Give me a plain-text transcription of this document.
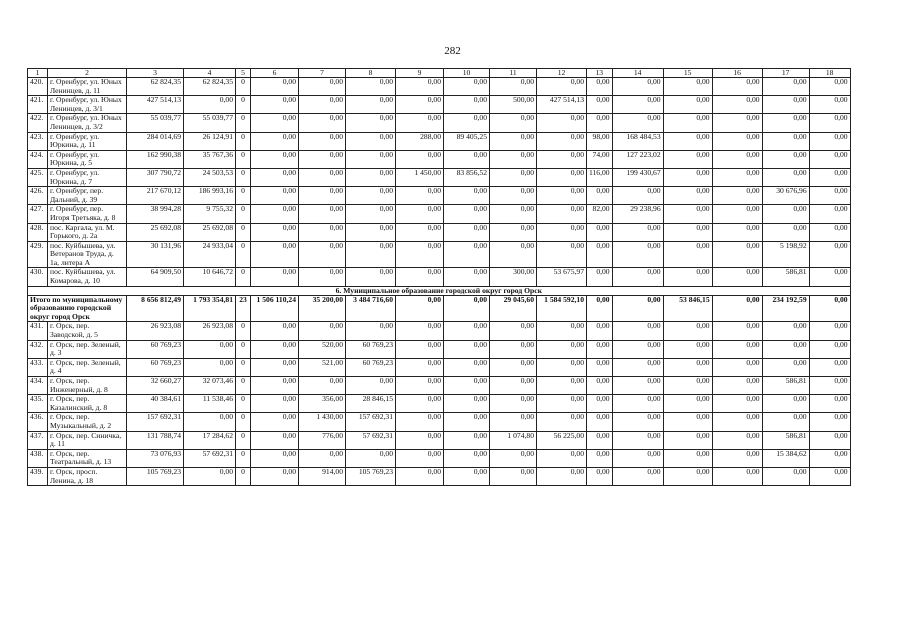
282
1	2	3	4	5	6	7	8	9	10	11	12	13	14	15	16	17	18
420.	г. Оренбург, ул. Юных Ленинцев, д. 11	62 824,35	62 824,35	0	0,00	0,00	0,00	0,00	0,00	0,00	0,00	0,00	0,00	0,00	0,00	0,00	0,00
421.	г. Оренбург, ул. Юных Ленинцев, д. 3/1	427 514,13	0,00	0	0,00	0,00	0,00	0,00	0,00	500,00	427 514,13	0,00	0,00	0,00	0,00	0,00	0,00
422.	г. Оренбург, ул. Юных Ленинцев, д. 3/2	55 039,77	55 039,77	0	0,00	0,00	0,00	0,00	0,00	0,00	0,00	0,00	0,00	0,00	0,00	0,00	0,00
423.	г. Оренбург, ул. Юркина, д. 11	284 014,69	26 124,91	0	0,00	0,00	0,00	288,00	89 405,25	0,00	0,00	98,00	168 484,53	0,00	0,00	0,00	0,00
424.	г. Оренбург, ул. Юркина, д. 5	162 990,38	35 767,36	0	0,00	0,00	0,00	0,00	0,00	0,00	0,00	74,00	127 223,02	0,00	0,00	0,00	0,00
425.	г. Оренбург, ул. Юркина, д. 7	307 790,72	24 503,53	0	0,00	0,00	0,00	1 450,00	83 856,52	0,00	0,00	116,00	199 430,67	0,00	0,00	0,00	0,00
426.	г. Оренбург, пер. Дальний, д. 39	217 670,12	186 993,16	0	0,00	0,00	0,00	0,00	0,00	0,00	0,00	0,00	0,00	0,00	0,00	30 676,96	0,00
427.	г. Оренбург, пер. Игоря Третьяка, д. 8	38 994,28	9 755,32	0	0,00	0,00	0,00	0,00	0,00	0,00	0,00	82,00	29 238,96	0,00	0,00	0,00	0,00
428.	пос. Каргала, ул. М. Горького, д. 2а	25 692,08	25 692,08	0	0,00	0,00	0,00	0,00	0,00	0,00	0,00	0,00	0,00	0,00	0,00	0,00	0,00
429.	пос. Куйбышева, ул. Ветеранов Труда, д. 1а, литера А	30 131,96	24 933,04	0	0,00	0,00	0,00	0,00	0,00	0,00	0,00	0,00	0,00	0,00	0,00	5 198,92	0,00
430.	пос. Куйбышева, ул. Комарова, д. 10	64 909,50	10 646,72	0	0,00	0,00	0,00	0,00	0,00	300,00	53 675,97	0,00	0,00	0,00	0,00	586,81	0,00
6. Муниципальное образование городской округ город Орск																	
Итого по муниципальному образованию городской округ город Орск		8 656 812,49	1 793 354,81	23	1 506 110,24	35 200,00	3 484 716,60	0,00	0,00	29 045,60	1 584 592,10	0,00	0,00	53 846,15	0,00	234 192,59	0,00
431.	г. Орск, пер. Заводской, д. 5	26 923,08	26 923,08	0	0,00	0,00	0,00	0,00	0,00	0,00	0,00	0,00	0,00	0,00	0,00	0,00	0,00
432.	г. Орск, пер. Зеленый, д. 3	60 769,23	0,00	0	0,00	520,00	60 769,23	0,00	0,00	0,00	0,00	0,00	0,00	0,00	0,00	0,00	0,00
433.	г. Орск, пер. Зеленый, д. 4	60 769,23	0,00	0	0,00	521,00	60 769,23	0,00	0,00	0,00	0,00	0,00	0,00	0,00	0,00	0,00	0,00
434.	г. Орск, пер. Инженерный, д. 8	32 660,27	32 073,46	0	0,00	0,00	0,00	0,00	0,00	0,00	0,00	0,00	0,00	0,00	0,00	586,81	0,00
435.	г. Орск, пер. Казалинский, д. 8	40 384,61	11 538,46	0	0,00	356,00	28 846,15	0,00	0,00	0,00	0,00	0,00	0,00	0,00	0,00	0,00	0,00
436.	г. Орск, пер. Музыкальный, д. 2	157 692,31	0,00	0	0,00	1 430,00	157 692,31	0,00	0,00	0,00	0,00	0,00	0,00	0,00	0,00	0,00	0,00
437.	г. Орск, пер. Синичка, д. 11	131 788,74	17 284,62	0	0,00	776,00	57 692,31	0,00	0,00	1 074,80	56 225,00	0,00	0,00	0,00	0,00	586,81	0,00
438.	г. Орск, пер. Театральный, д. 13	73 076,93	57 692,31	0	0,00	0,00	0,00	0,00	0,00	0,00	0,00	0,00	0,00	0,00	0,00	15 384,62	0,00
439.	г. Орск, просп. Ленина, д. 18	105 769,23	0,00	0	0,00	914,00	105 769,23	0,00	0,00	0,00	0,00	0,00	0,00	0,00	0,00	0,00	0,00
